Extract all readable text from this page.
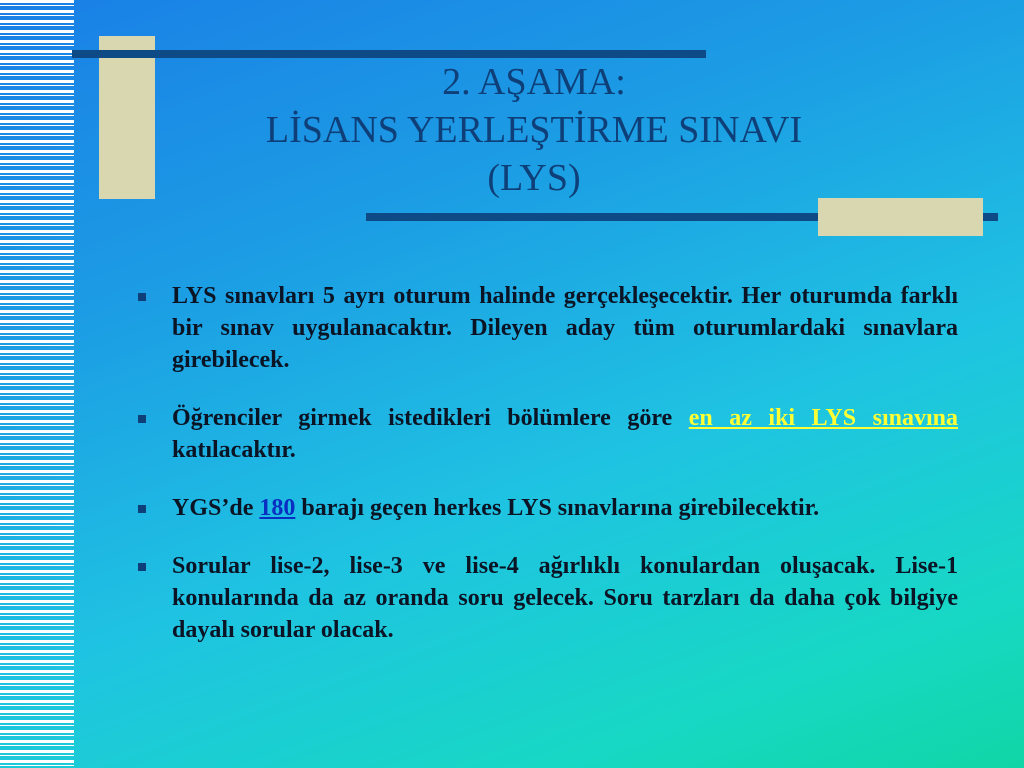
2. AŞAMA:
LİSANS YERLEŞTİRME SINAVI
(LYS)
LYS sınavları 5 ayrı oturum halinde gerçekleşecektir. Her oturumda farklı bir sınav uygulanacaktır. Dileyen aday tüm oturumlardaki sınavlara girebilecek.
Öğrenciler girmek istedikleri bölümlere göre en az iki LYS sınavına katılacaktır.
YGS’de 180 barajı geçen herkes LYS sınavlarına girebilecektir.
Sorular lise-2, lise-3 ve lise-4 ağırlıklı konulardan oluşacak. Lise-1 konularında da az oranda soru gelecek. Soru tarzları da daha çok bilgiye dayalı sorular olacak.
